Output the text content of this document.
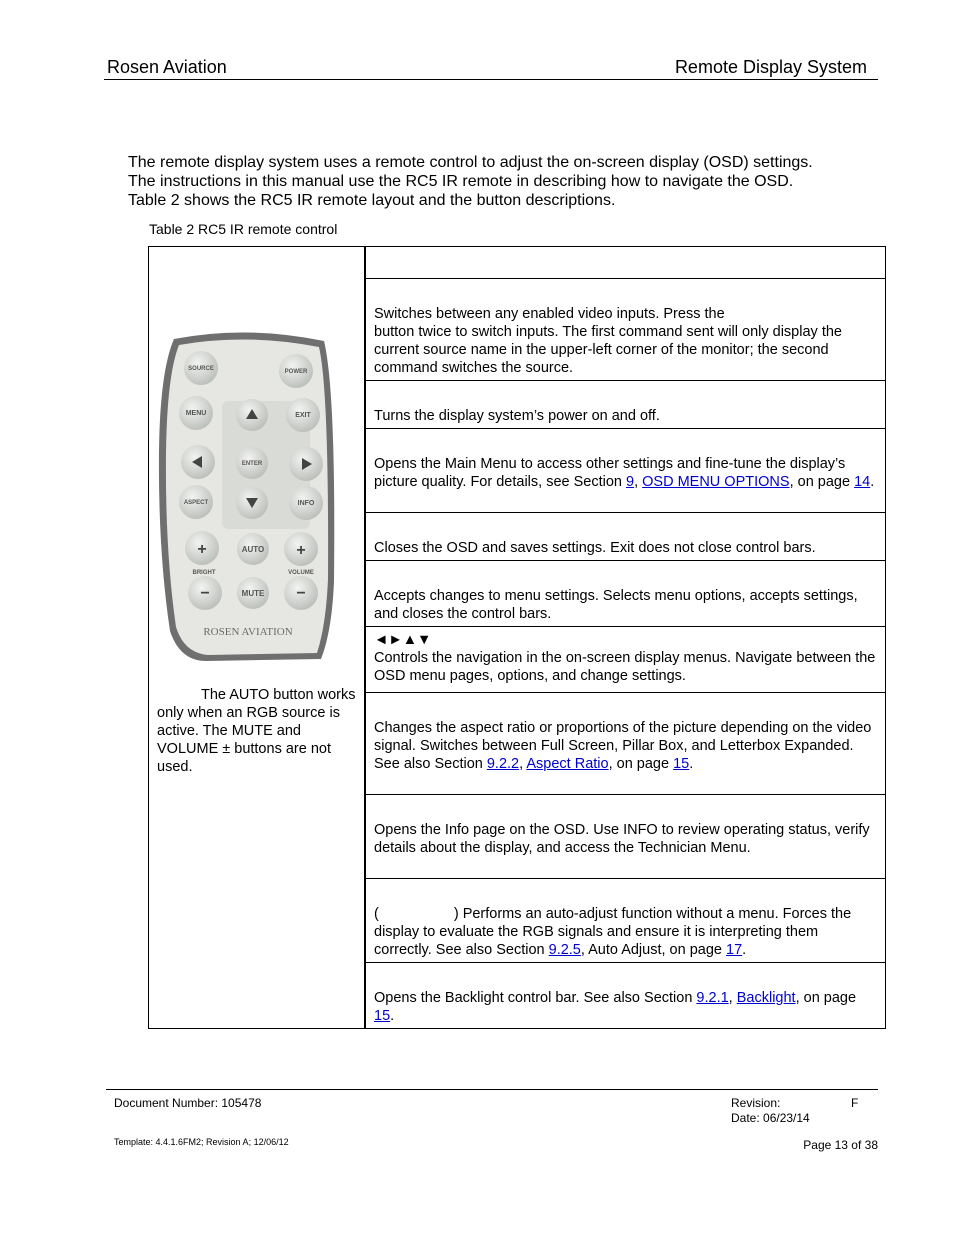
Rosen Aviation	Remote Display System

The remote display system uses a remote control to adjust the on-screen display (OSD) settings.

The instructions in this manual use the RC5 IR remote in describing how to navigate the OSD.

Table 2 shows the RC5 IR remote layout and the button descriptions.

Table 2 RC5 IR remote control
SOURCE	POWER
MENU	EXIT
ENTER
ASPECT	INFO
+
BRIGHT
AUTO +
VOLUME
−	MUTE −
ROSEN AVIATION
The AUTO button works only when an RGB source is active. The MUTE and VOLUME ± buttons are not used.

Switches between any enabled video inputs. Press the
button twice to switch inputs. The first command sent will only display the current source name in the upper-left corner of the monitor; the second command switches the source.

Turns the display system’s power on and off.

Opens the Main Menu to access other settings and fine-tune the display’s picture quality. For details, see Section 9, OSD MENU OPTIONS, on page 14.

Closes the OSD and saves settings. Exit does not close control bars.

Accepts changes to menu settings. Selects menu options, accepts settings, and closes the control bars.

◄►▲▼
Controls the navigation in the on-screen display menus. Navigate between the OSD menu pages, options, and change settings.

Changes the aspect ratio or proportions of the picture depending on the video signal. Switches between Full Screen, Pillar Box, and Letterbox Expanded. See also Section 9.2.2, Aspect Ratio, on page 15.

Opens the Info page on the OSD. Use INFO to review operating status, verify details about the display, and access the Technician Menu.

(	) Performs an auto-adjust function without a menu. Forces the display to evaluate the RGB signals and ensure it is interpreting them correctly. See also Section 9.2.5, Auto Adjust, on page 17.

Opens the Backlight control bar. See also Section 9.2.1, Backlight, on page 15.
Document Number: 105478	Revision:	F
Date: 06/23/14
Template: 4.4.1.6FM2; Revision A; 12/06/12	Page 13 of 38
